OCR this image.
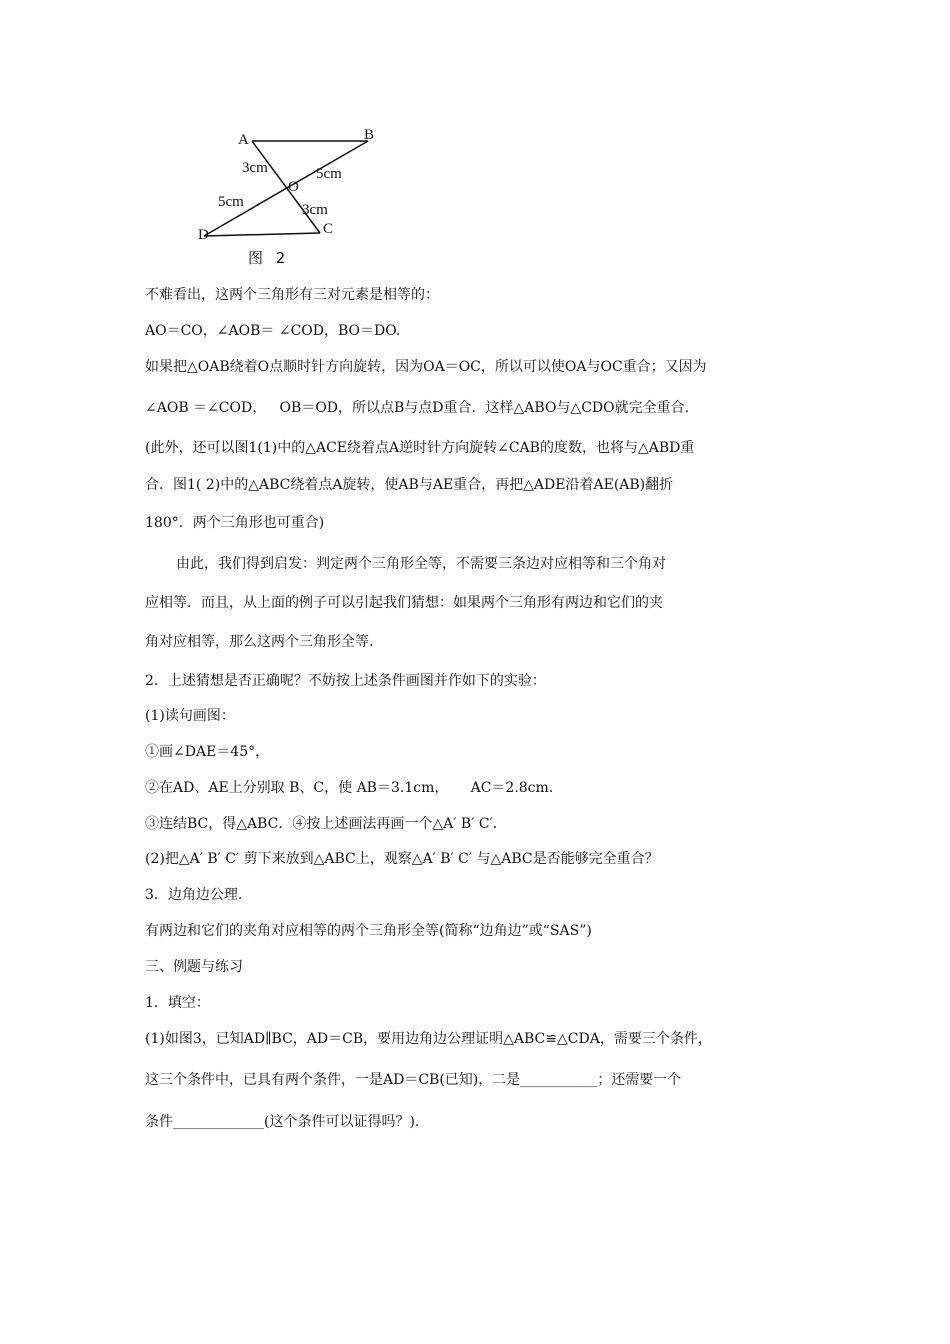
A	B
C
D
O
3cm	5cm
5cm	3cm
图 2
不难看出，这两个三角形有三对元素是相等的：
AO＝CO，∠AOB＝ ∠COD，BO＝DO.
如果把△OAB绕着O点顺时针方向旋转，因为OA＝OC，所以可以使OA与OC重合；又因为
∠AOB ＝∠COD，   OB＝OD，所以点B与点D重合．这样△ABO与△CDO就完全重合.
(此外，还可以图1(1)中的△ACE绕着点A逆时针方向旋转∠CAB的度数，也将与△ABD重
合．图1( 2)中的△ABC绕着点A旋转，使AB与AE重合，再把△ADE沿着AE(AB)翻折
180°．两个三角形也可重合)
由此，我们得到启发：判定两个三角形全等，不需要三条边对应相等和三个角对
应相等．而且，从上面的例子可以引起我们猜想：如果两个三角形有两边和它们的夹
角对应相等，那么这两个三角形全等.
2．上述猜想是否正确呢？不妨按上述条件画图并作如下的实验：
(1)读句画图：
①画∠DAE＝45°，
②在AD、AE上分别取 B、C，使 AB＝3.1cm，     AC＝2.8cm.
③连结BC，得△ABC．④按上述画法再画一个△A′ B′ C′．
(2)把△A′ B′ C′ 剪下来放到△ABC上，观察△A′ B′ C′ 与△ABC是否能够完全重合？
3．边角边公理.
有两边和它们的夹角对应相等的两个三角形全等(简称“边角边”或“SAS”)
三、例题与练习
1．填空：
(1)如图3，已知AD∥BC，AD＝CB，要用边角边公理证明△ABC≌△CDA，需要三个条件，
这三个条件中，已具有两个条件，一是AD＝CB(已知)，二是___________；还需要一个
条件_____________(这个条件可以证得吗？).
